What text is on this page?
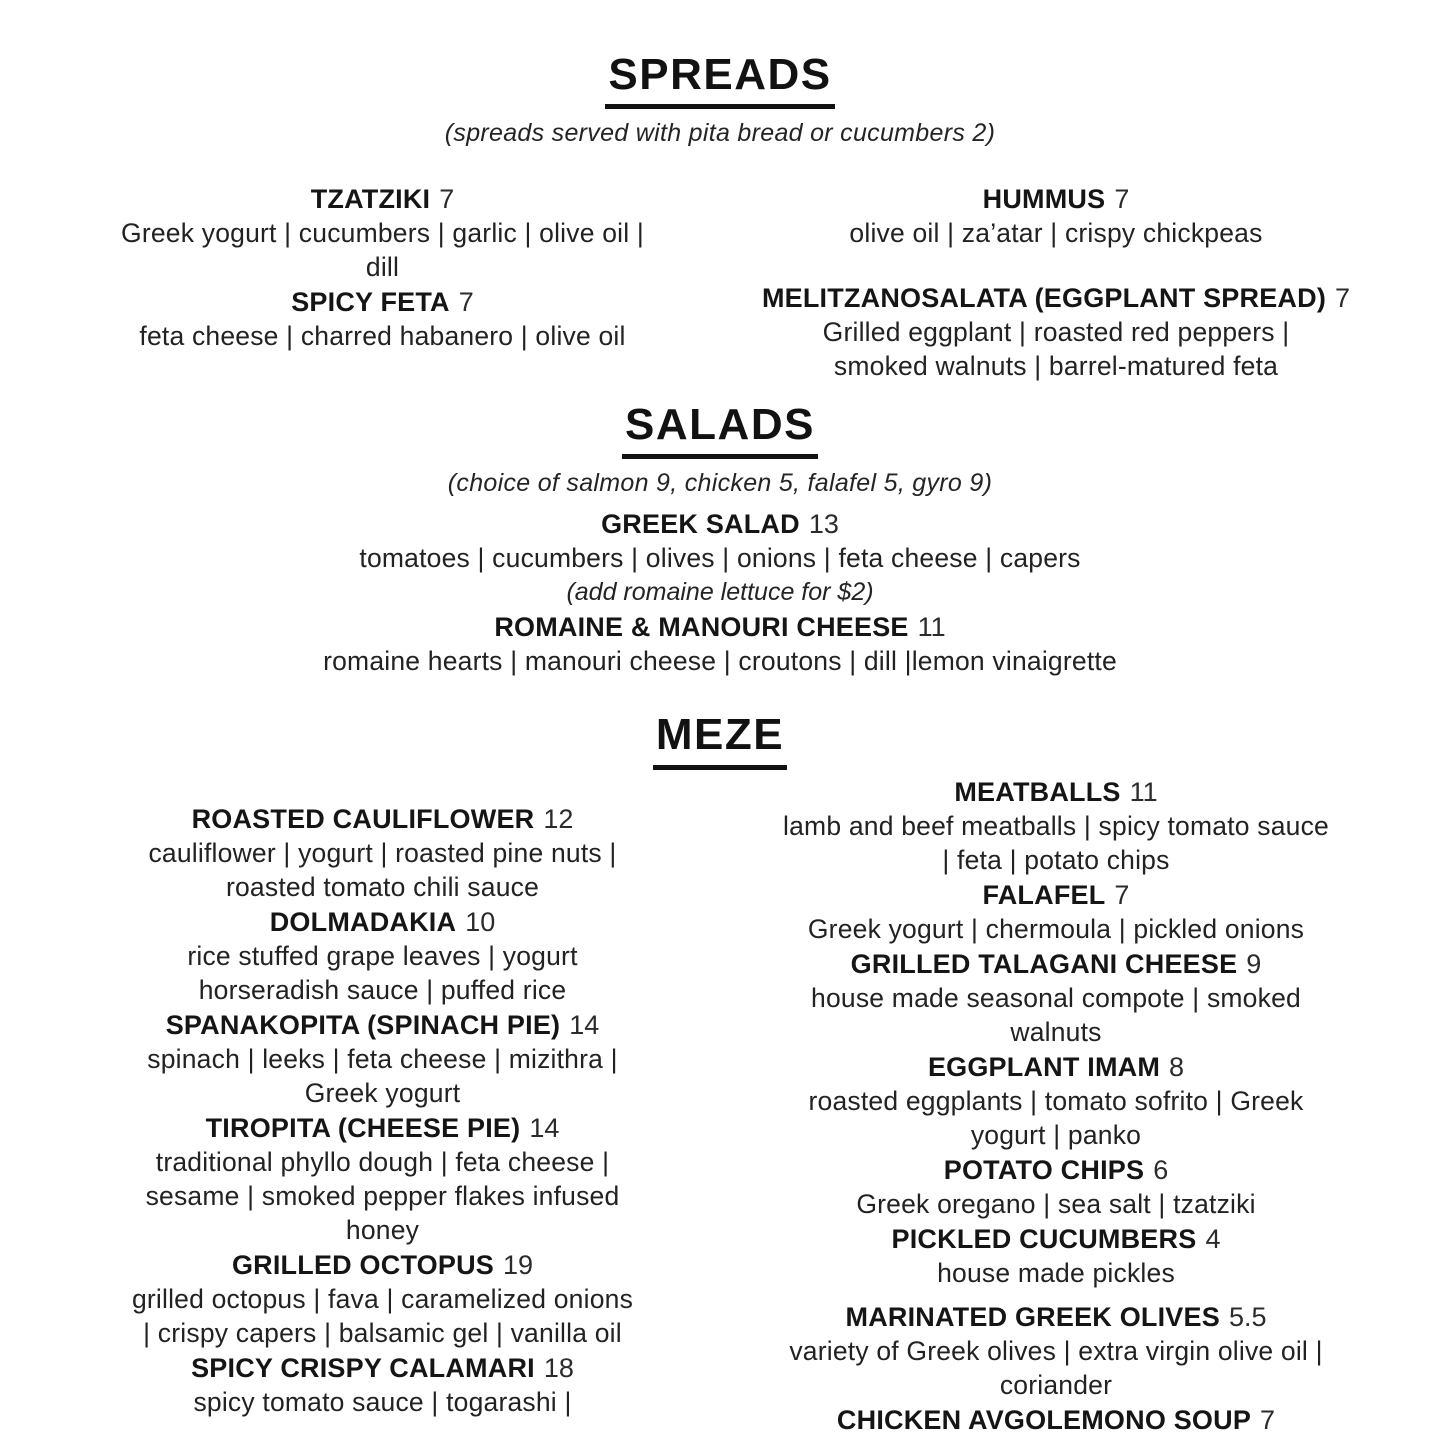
SPREADS
(spreads served with pita bread or cucumbers 2)
TZATZIKI 7
Greek yogurt | cucumbers | garlic | olive oil | dill
SPICY FETA 7
feta cheese | charred habanero | olive oil
HUMMUS 7
olive oil | za’atar | crispy chickpeas
MELITZANOSALATA (EGGPLANT SPREAD) 7
Grilled eggplant | roasted red peppers | smoked walnuts | barrel-matured feta
SALADS
(choice of salmon 9, chicken 5, falafel 5, gyro 9)
GREEK SALAD 13
tomatoes | cucumbers | olives | onions | feta cheese | capers
(add romaine lettuce for $2)
ROMAINE & MANOURI CHEESE 11
romaine hearts | manouri cheese | croutons | dill |lemon vinaigrette
MEZE
ROASTED CAULIFLOWER 12
cauliflower | yogurt | roasted pine nuts | roasted tomato chili sauce
DOLMADAKIA 10
rice stuffed grape leaves | yogurt horseradish sauce | puffed rice
SPANAKOPITA (SPINACH PIE) 14
spinach | leeks | feta cheese | mizithra | Greek yogurt
TIROPITA (CHEESE PIE) 14
traditional phyllo dough | feta cheese | sesame | smoked pepper flakes infused honey
GRILLED OCTOPUS 19
grilled octopus | fava | caramelized onions | crispy capers | balsamic gel | vanilla oil
SPICY CRISPY CALAMARI 18
spicy tomato sauce | togarashi |
MEATBALLS 11
lamb and beef meatballs | spicy tomato sauce | feta | potato chips
FALAFEL 7
Greek yogurt | chermoula | pickled onions
GRILLED TALAGANI CHEESE 9
house made seasonal compote | smoked walnuts
EGGPLANT IMAM 8
roasted eggplants | tomato sofrito | Greek yogurt | panko
POTATO CHIPS 6
Greek oregano | sea salt | tzatziki
PICKLED CUCUMBERS 4
house made pickles
MARINATED GREEK OLIVES 5.5
variety of Greek olives | extra virgin olive oil | coriander
CHICKEN AVGOLEMONO SOUP 7
